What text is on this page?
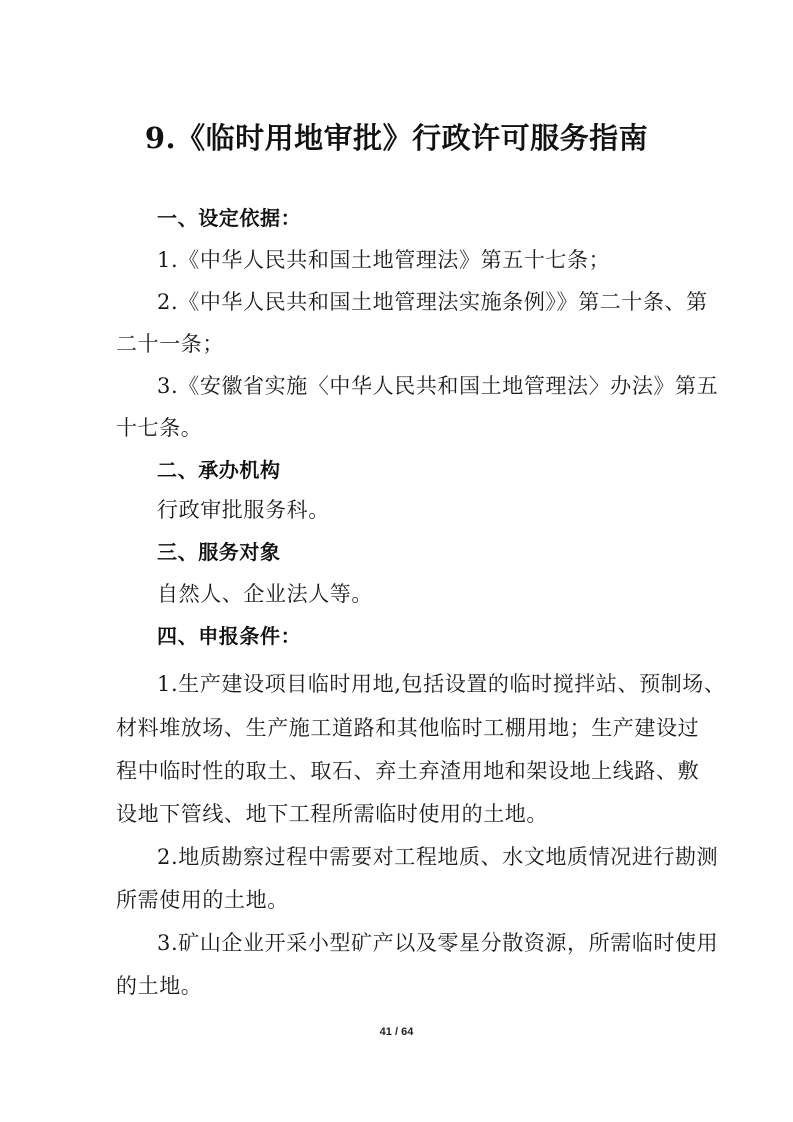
9.《临时用地审批》行政许可服务指南
一、设定依据：
1.《中华人民共和国土地管理法》第五十七条；
2.《中华人民共和国土地管理法实施条例》》第二十条、第
二十一条；
3.《安徽省实施〈中华人民共和国土地管理法〉办法》第五
十七条。
二、承办机构
行政审批服务科。
三、服务对象
自然人、企业法人等。
四、申报条件：
1.生产建设项目临时用地,包括设置的临时搅拌站、预制场、
材料堆放场、生产施工道路和其他临时工棚用地；生产建设过
程中临时性的取土、取石、弃土弃渣用地和架设地上线路、敷
设地下管线、地下工程所需临时使用的土地。
2.地质勘察过程中需要对工程地质、水文地质情况进行勘测
所需使用的土地。
3.矿山企业开采小型矿产以及零星分散资源，所需临时使用
的土地。
41 / 64
